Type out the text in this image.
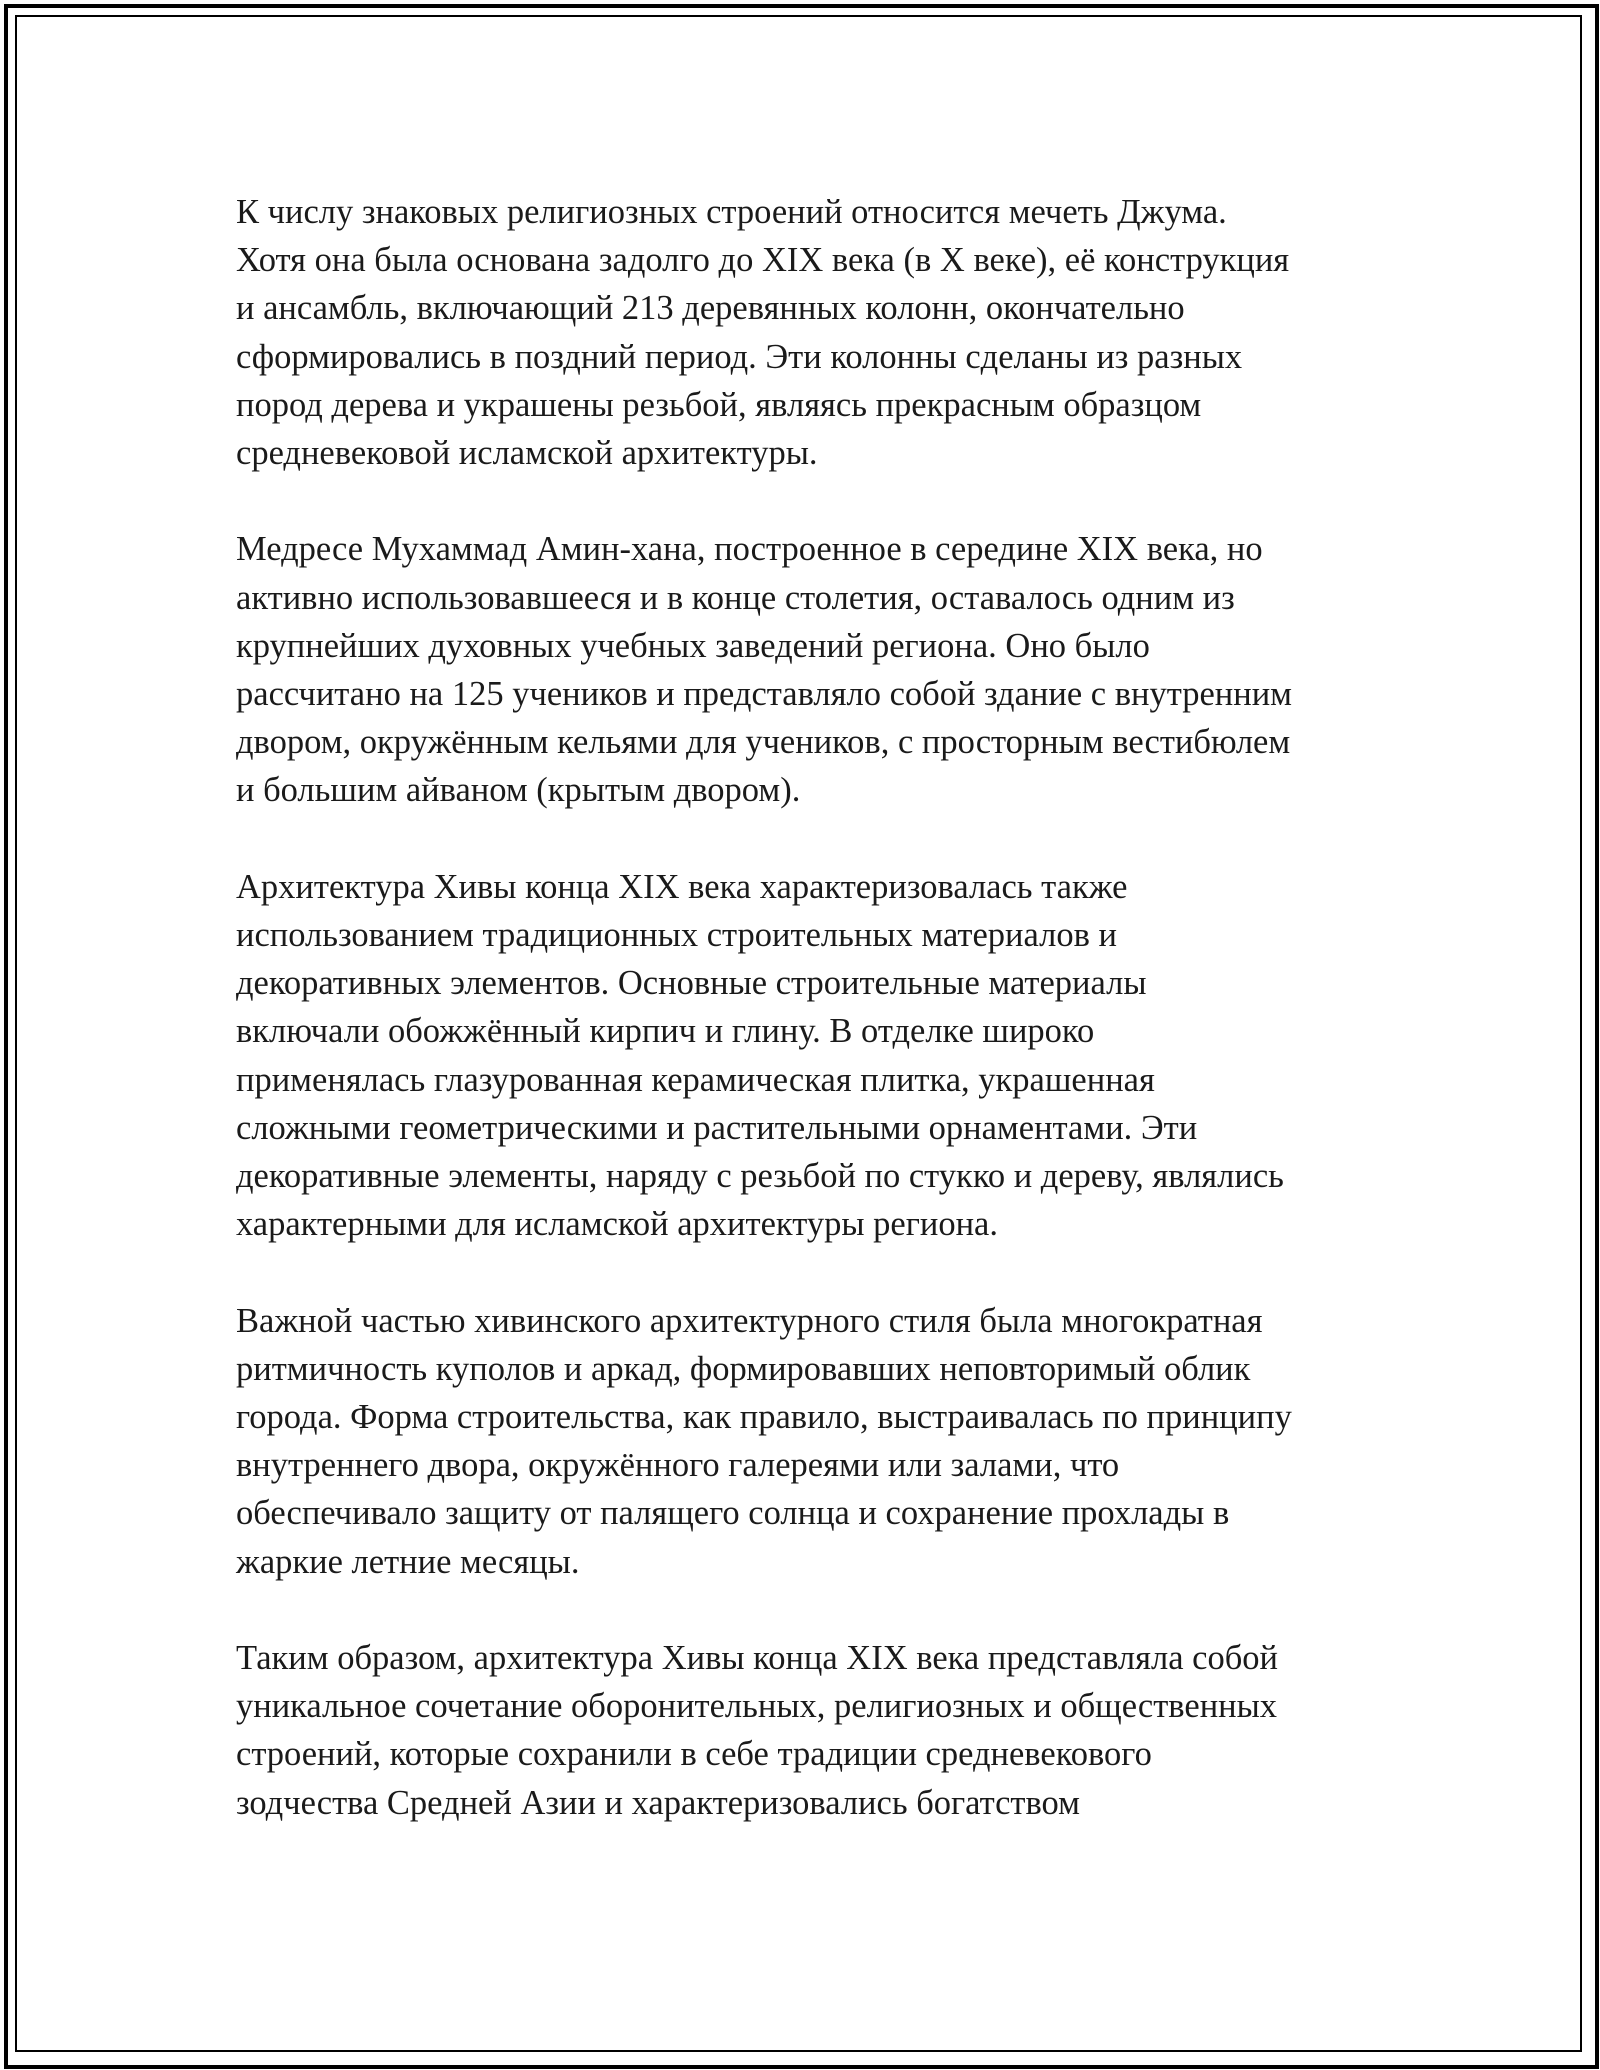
К числу знаковых религиозных строений относится мечеть Джума.
Хотя она была основана задолго до XIX века (в X веке), её конструкция
и ансамбль, включающий 213 деревянных колонн, окончательно
сформировались в поздний период. Эти колонны сделаны из разных
пород дерева и украшены резьбой, являясь прекрасным образцом
средневековой исламской архитектуры.

Медресе Мухаммад Амин-хана, построенное в середине XIX века, но
активно использовавшееся и в конце столетия, оставалось одним из
крупнейших духовных учебных заведений региона. Оно было
рассчитано на 125 учеников и представляло собой здание с внутренним
двором, окружённым кельями для учеников, с просторным вестибюлем
и большим айваном (крытым двором).

Архитектура Хивы конца XIX века характеризовалась также
использованием традиционных строительных материалов и
декоративных элементов. Основные строительные материалы
включали обожжённый кирпич и глину. В отделке широко
применялась глазурованная керамическая плитка, украшенная
сложными геометрическими и растительными орнаментами. Эти
декоративные элементы, наряду с резьбой по стукко и дереву, являлись
характерными для исламской архитектуры региона.

Важной частью хивинского архитектурного стиля была многократная
ритмичность куполов и аркад, формировавших неповторимый облик
города. Форма строительства, как правило, выстраивалась по принципу
внутреннего двора, окружённого галереями или залами, что
обеспечивало защиту от палящего солнца и сохранение прохлады в
жаркие летние месяцы.

Таким образом, архитектура Хивы конца XIX века представляла собой
уникальное сочетание оборонительных, религиозных и общественных
строений, которые сохранили в себе традиции средневекового
зодчества Средней Азии и характеризовались богатством
